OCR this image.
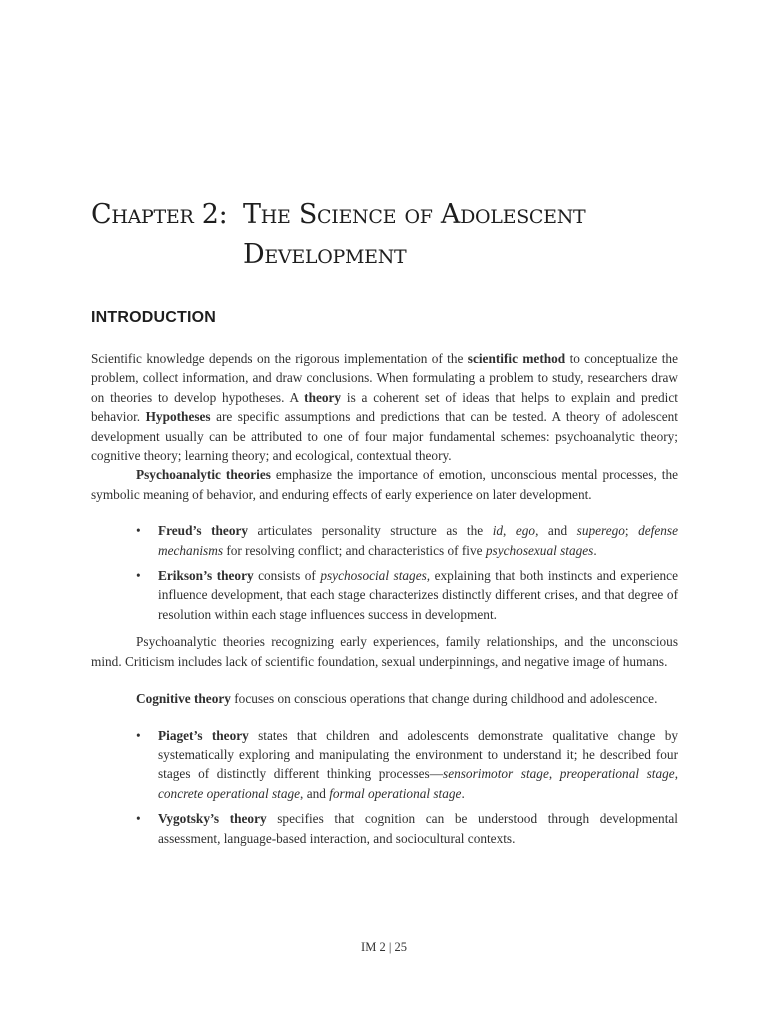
Chapter 2: The Science of Adolescent
Development
INTRODUCTION

Scientific knowledge depends on the rigorous implementation of the scientific method to conceptualize the problem, collect information, and draw conclusions. When formulating a problem to study, researchers draw on theories to develop hypotheses. A theory is a coherent set of ideas that helps to explain and predict behavior. Hypotheses are specific assumptions and predictions that can be tested. A theory of adolescent development usually can be attributed to one of four major fundamental schemes: psychoanalytic theory; cognitive theory; learning theory; and ecological, contextual theory.

Psychoanalytic theories emphasize the importance of emotion, unconscious mental processes, the symbolic meaning of behavior, and enduring effects of early experience on later development.

• Freud’s theory articulates personality structure as the id, ego, and superego; defense mechanisms for resolving conflict; and characteristics of five psychosexual stages.
• Erikson’s theory consists of psychosocial stages, explaining that both instincts and experience influence development, that each stage characterizes distinctly different crises, and that degree of resolution within each stage influences success in development.

Psychoanalytic theories recognizing early experiences, family relationships, and the unconscious mind. Criticism includes lack of scientific foundation, sexual underpinnings, and negative image of humans.

Cognitive theory focuses on conscious operations that change during childhood and adolescence.

• Piaget’s theory states that children and adolescents demonstrate qualitative change by systematically exploring and manipulating the environment to understand it; he described four stages of distinctly different thinking processes—sensorimotor stage, preoperational stage, concrete operational stage, and formal operational stage.
• Vygotsky’s theory specifies that cognition can be understood through developmental assessment, language-based interaction, and sociocultural contexts.
IM 2 | 25
